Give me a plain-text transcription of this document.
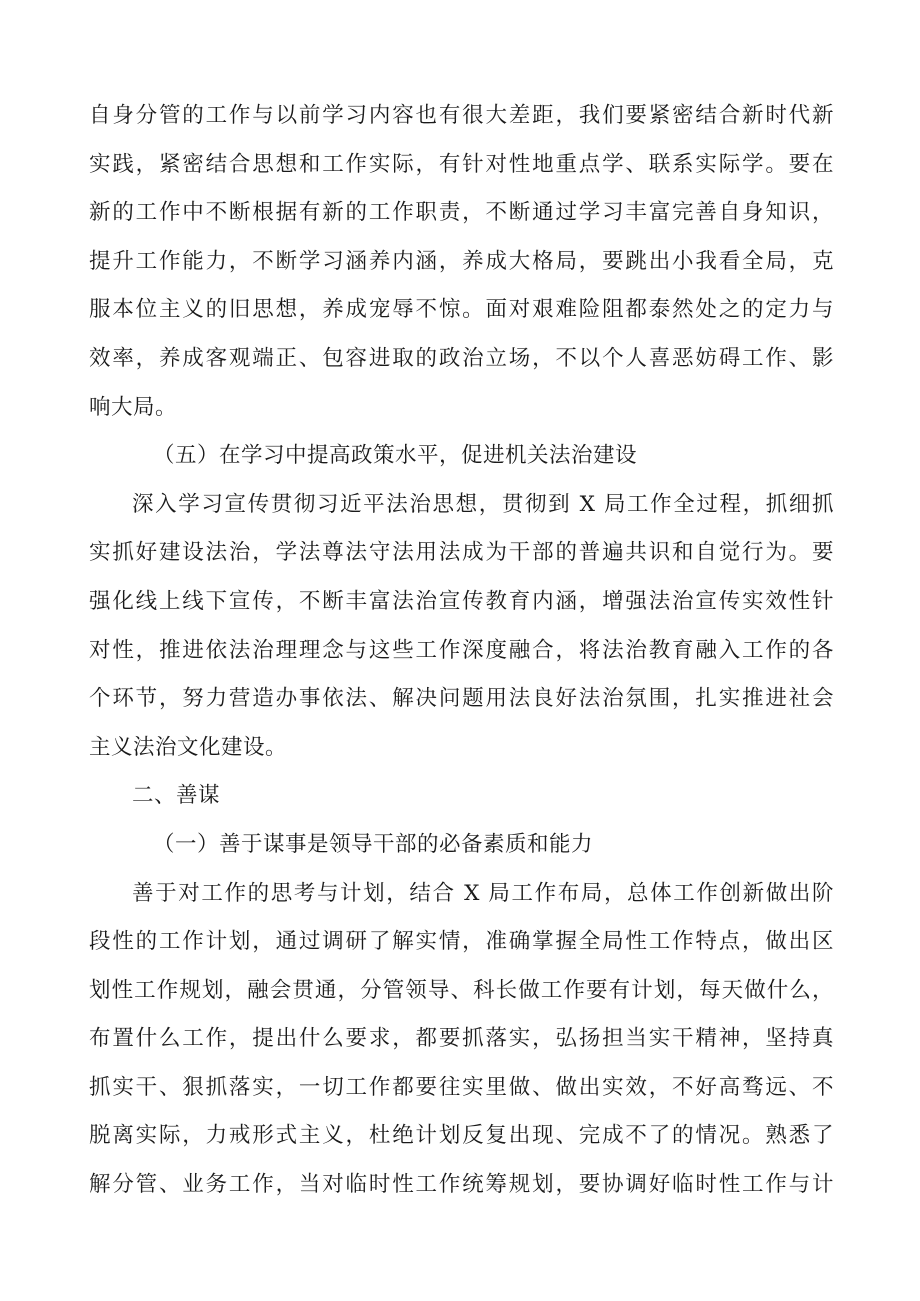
自身分管的工作与以前学习内容也有很大差距，我们要紧密结合新时代新
实践，紧密结合思想和工作实际，有针对性地重点学、联系实际学。要在
新的工作中不断根据有新的工作职责，不断通过学习丰富完善自身知识，
提升工作能力，不断学习涵养内涵，养成大格局，要跳出小我看全局，克
服本位主义的旧思想，养成宠辱不惊。面对艰难险阻都泰然处之的定力与
效率，养成客观端正、包容进取的政治立场，不以个人喜恶妨碍工作、影
响大局。
（五）在学习中提高政策水平，促进机关法治建设
深入学习宣传贯彻习近平法治思想，贯彻到 X 局工作全过程，抓细抓
实抓好建设法治，学法尊法守法用法成为干部的普遍共识和自觉行为。要
强化线上线下宣传，不断丰富法治宣传教育内涵，增强法治宣传实效性针
对性，推进依法治理理念与这些工作深度融合，将法治教育融入工作的各
个环节，努力营造办事依法、解决问题用法良好法治氛围，扎实推进社会
主义法治文化建设。
二、善谋
（一）善于谋事是领导干部的必备素质和能力
善于对工作的思考与计划，结合 X 局工作布局，总体工作创新做出阶
段性的工作计划，通过调研了解实情，准确掌握全局性工作特点，做出区
划性工作规划，融会贯通，分管领导、科长做工作要有计划，每天做什么，
布置什么工作，提出什么要求，都要抓落实，弘扬担当实干精神，坚持真
抓实干、狠抓落实，一切工作都要往实里做、做出实效，不好高骛远、不
脱离实际，力戒形式主义，杜绝计划反复出现、完成不了的情况。熟悉了
解分管、业务工作，当对临时性工作统筹规划，要协调好临时性工作与计
